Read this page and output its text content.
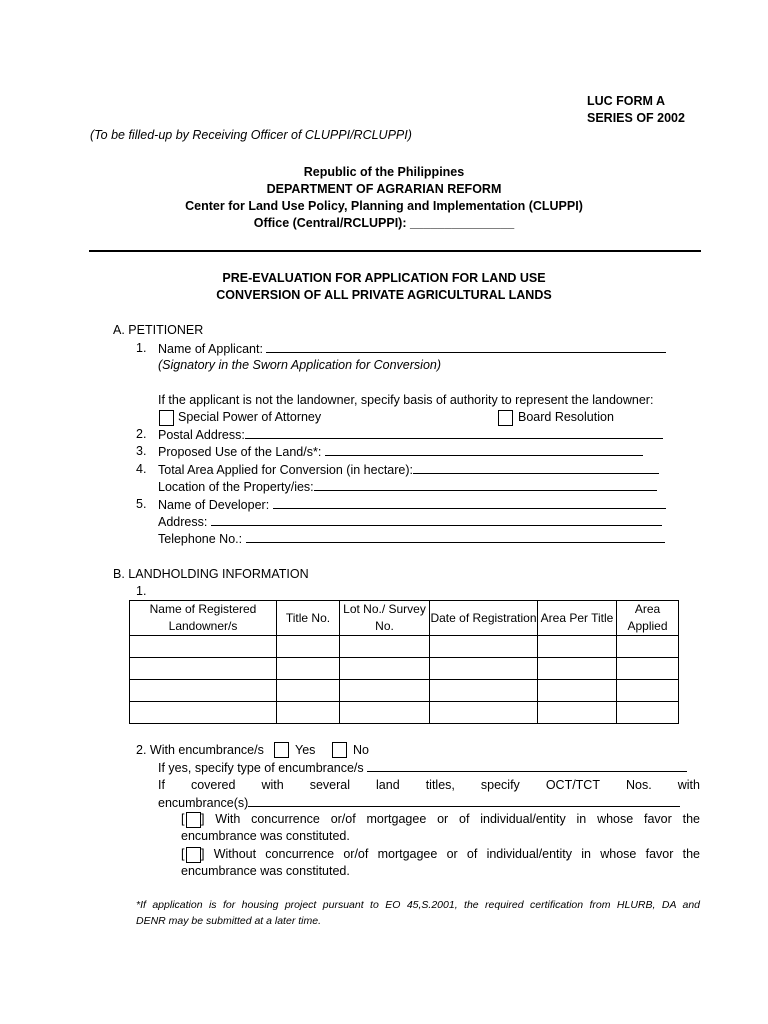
LUC FORM A
SERIES OF 2002
(To be filled-up by Receiving Officer of CLUPPI/RCLUPPI)
Republic of the Philippines
DEPARTMENT OF AGRARIAN REFORM
Center for Land Use Policy, Planning and Implementation (CLUPPI)
Office (Central/RCLUPPI): _______________
PRE-EVALUATION FOR APPLICATION FOR LAND USE
CONVERSION OF ALL PRIVATE AGRICULTURAL LANDS
A. PETITIONER
1. Name of Applicant:
(Signatory in the Sworn Application for Conversion)
If the applicant is not the landowner, specify basis of authority to represent the landowner:
Special Power of Attorney	Board Resolution
2. Postal Address:
3. Proposed Use of the Land/s*:
4. Total Area Applied for Conversion (in hectare):
Location of the Property/ies:
5. Name of Developer:
Address:
Telephone No.:
B. LANDHOLDING INFORMATION
1.
Name of Registered Landowner/s	Title No.	Lot No./ Survey No.	Date of Registration	Area Per Title	Area Applied

2. With encumbrance/s Yes	No
If yes, specify type of encumbrance/s
If covered with several land titles, specify OCT/TCT Nos. with
encumbrance(s)
[ ] With concurrence or/of mortgagee or of individual/entity in whose favor the
encumbrance was constituted.
[ ] Without concurrence or/of mortgagee or of individual/entity in whose favor the
encumbrance was constituted.
*If application is for housing project pursuant to EO 45,S.2001, the required certification from HLURB, DA and
DENR may be submitted at a later time.
